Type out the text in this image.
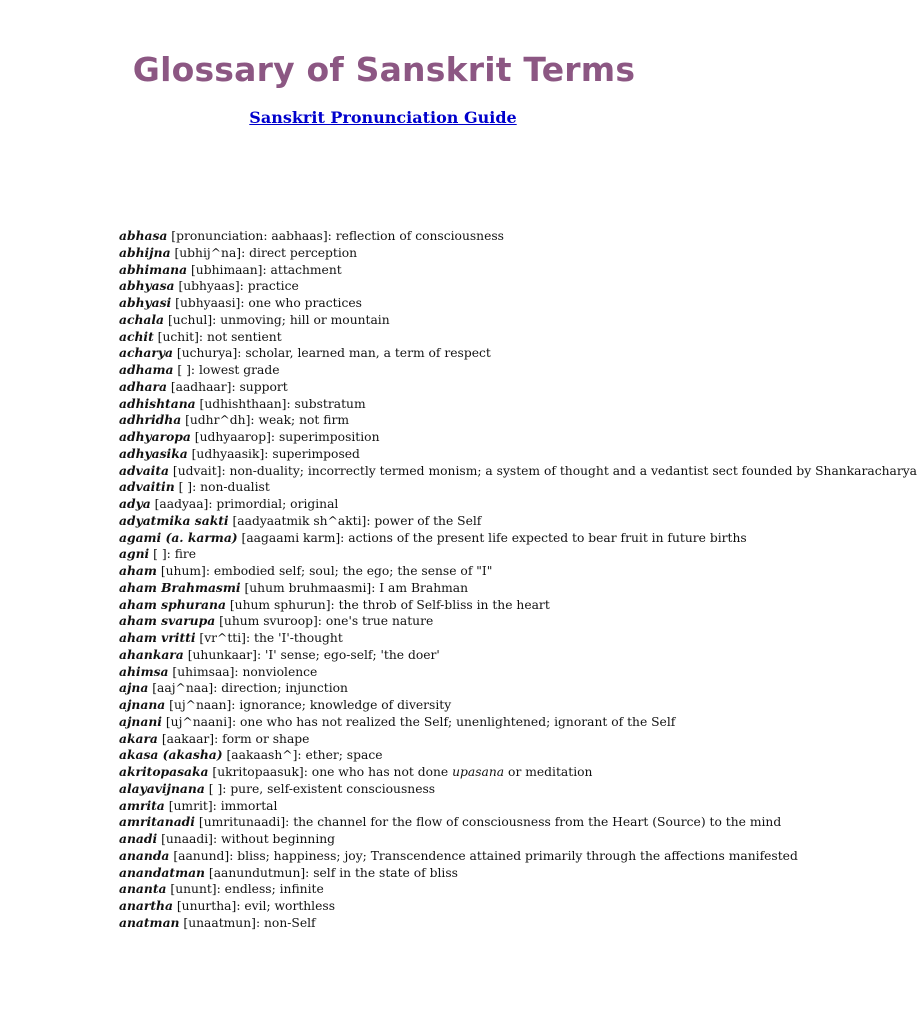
Glossary of Sanskrit Terms
Sanskrit Pronunciation Guide
abhasa [pronunciation: aabhaas]: reflection of consciousness
abhijna [ubhij^na]: direct perception
abhimana [ubhimaan]: attachment
abhyasa [ubhyaas]: practice
abhyasi [ubhyaasi]: one who practices
achala [uchul]: unmoving; hill or mountain
achit [uchit]: not sentient
acharya [uchurya]: scholar, learned man, a term of respect
adhama [ ]: lowest grade
adhara [aadhaar]: support
adhishtana [udhishthaan]: substratum
adhridha [udhr^dh]: weak; not firm
adhyaropa [udhyaarop]: superimposition
adhyasika [udhyaasik]: superimposed
advaita [udvait]: non-duality; incorrectly termed monism; a system of thought and a vedantist sect founded by Shankaracharya
advaitin [ ]: non-dualist
adya [aadyaa]: primordial; original
adyatmika sakti [aadyaatmik sh^akti]: power of the Self
agami (a. karma) [aagaami karm]: actions of the present life expected to bear fruit in future births
agni [ ]: fire
aham [uhum]: embodied self; soul; the ego; the sense of "I"
aham Brahmasmi [uhum bruhmaasmi]: I am Brahman
aham sphurana [uhum sphurun]: the throb of Self-bliss in the heart
aham svarupa [uhum svuroop]: one's true nature
aham vritti [vr^tti]: the 'I'-thought
ahankara [uhunkaar]: 'I' sense; ego-self; 'the doer'
ahimsa [uhimsaa]: nonviolence
ajna [aaj^naa]: direction; injunction
ajnana [uj^naan]: ignorance; knowledge of diversity
ajnani [uj^naani]: one who has not realized the Self; unenlightened; ignorant of the Self
akara [aakaar]: form or shape
akasa (akasha) [aakaash^]: ether; space
akritopasaka [ukritopaasuk]: one who has not done upasana or meditation
alayavijnana [ ]: pure, self-existent consciousness
amrita [umrit]: immortal
amritanadi [umritunaadi]: the channel for the flow of consciousness from the Heart (Source) to the mind
anadi [unaadi]: without beginning
ananda [aanund]: bliss; happiness; joy; Transcendence attained primarily through the affections manifested
anandatman [aanundutmun]: self in the state of bliss
ananta [ununt]: endless; infinite
anartha [unurtha]: evil; worthless
anatman [unaatmun]: non-Self
